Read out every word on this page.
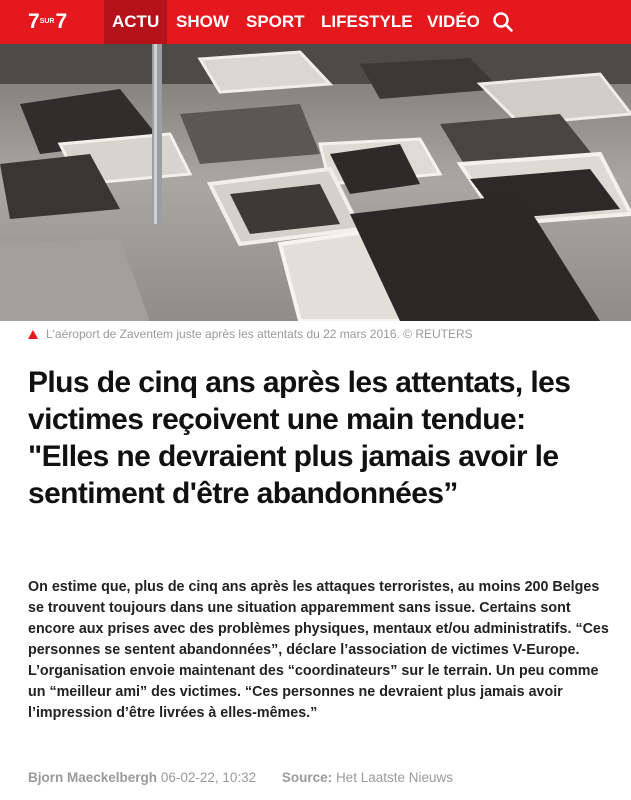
7 SUR 7	ACTU SHOW SPORT LIFESTYLE VIDÉO
L'aéroport de Zaventem juste après les attentats du 22 mars 2016. © REUTERS
Plus de cinq ans après les attentats, les victimes reçoivent une main tendue: "Elles ne devraient plus jamais avoir le sentiment d'être abandonnées”

On estime que, plus de cinq ans après les attaques terroristes, au moins 200 Belges se trouvent toujours dans une situation apparemment sans issue. Certains sont encore aux prises avec des problèmes physiques, mentaux et/ou administratifs. “Ces personnes se sentent abandonnées”, déclare l’association de victimes V-Europe. L’organisation envoie maintenant des “coordinateurs” sur le terrain. Un peu comme un “meilleur ami” des victimes. “Ces personnes ne devraient plus jamais avoir l’impression d’être livrées à elles-mêmes.”

Bjorn Maeckelbergh 06-02-22, 10:32 Source: Het Laatste Nieuws
